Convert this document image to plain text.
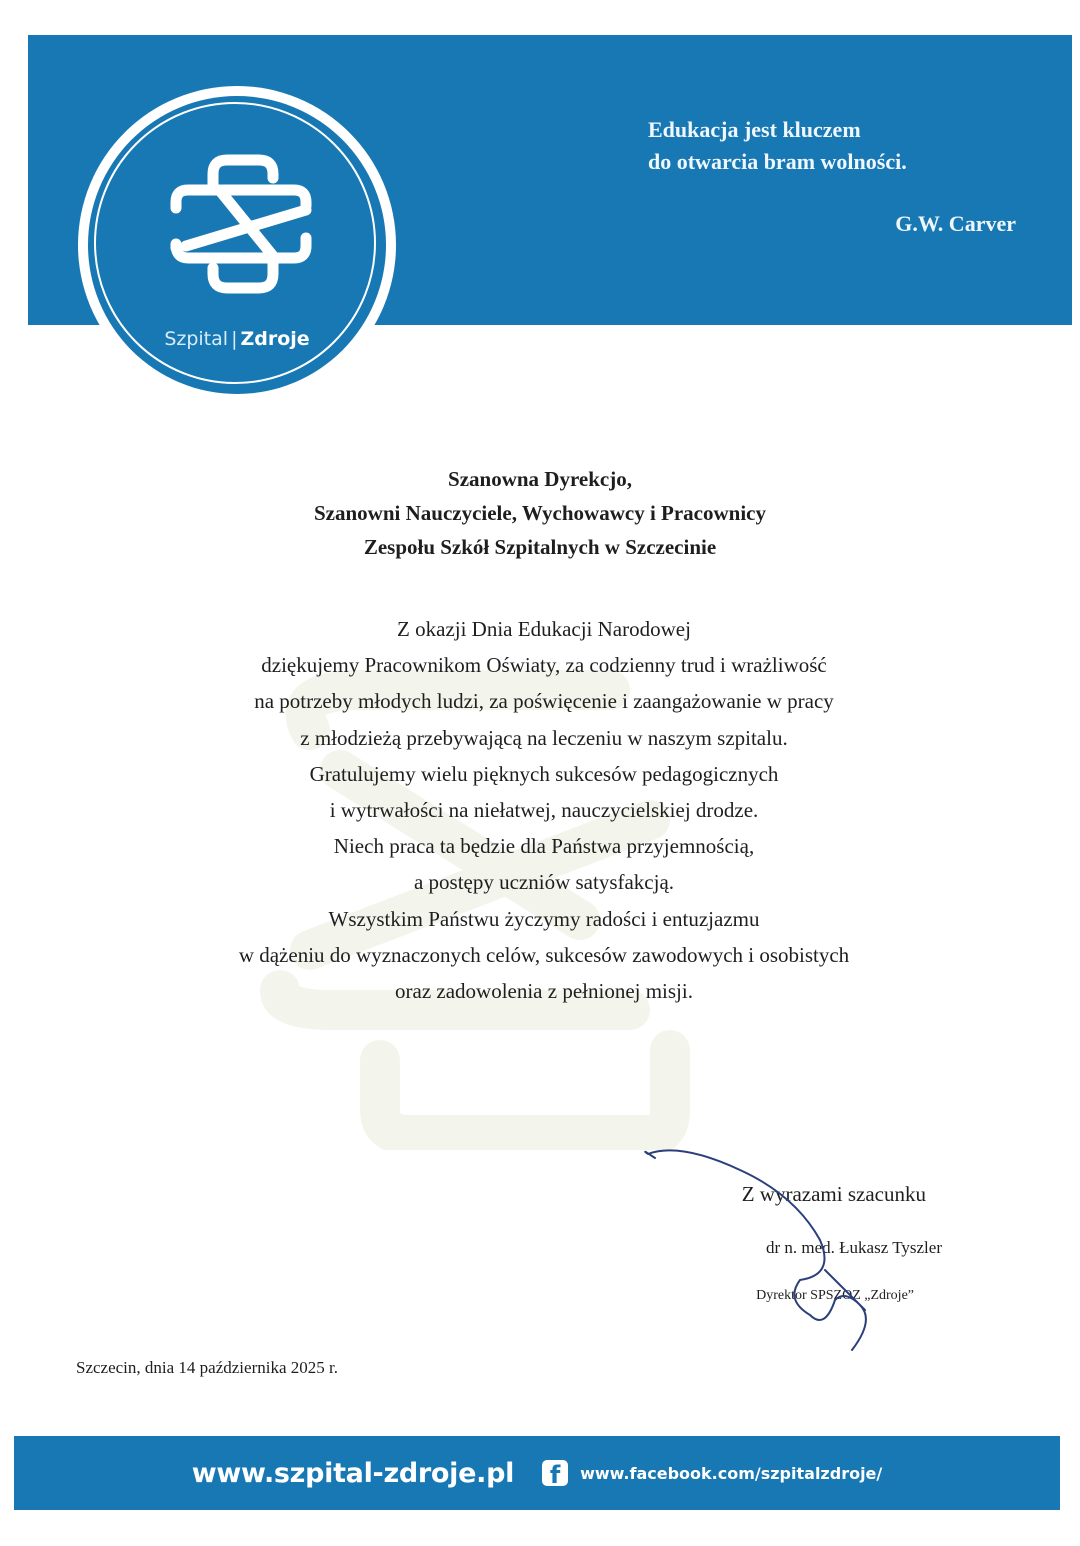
Szpital | Zdroje
Edukacja jest kluczem
do otwarcia bram wolności.
G.W. Carver
Szanowna Dyrekcjo,
Szanowni Nauczyciele, Wychowawcy i Pracownicy
Zespołu Szkół Szpitalnych w Szczecinie
Z okazji Dnia Edukacji Narodowej
dziękujemy Pracownikom Oświaty, za codzienny trud i wrażliwość
na potrzeby młodych ludzi, za poświęcenie i zaangażowanie w pracy
z młodzieżą przebywającą na leczeniu w naszym szpitalu.
Gratulujemy wielu pięknych sukcesów pedagogicznych
i wytrwałości na niełatwej, nauczycielskiej drodze.
Niech praca ta będzie dla Państwa przyjemnością,
a postępy uczniów satysfakcją.
Wszystkim Państwu życzymy radości i entuzjazmu
w dążeniu do wyznaczonych celów, sukcesów zawodowych i osobistych
oraz zadowolenia z pełnionej misji.
Z wyrazami szacunku
dr n. med. Łukasz Tyszler
Dyrektor SPSZOZ „Zdroje”
Szczecin, dnia 14 października 2025 r.
www.szpital-zdroje.pl	f	www.facebook.com/szpitalzdroje/
